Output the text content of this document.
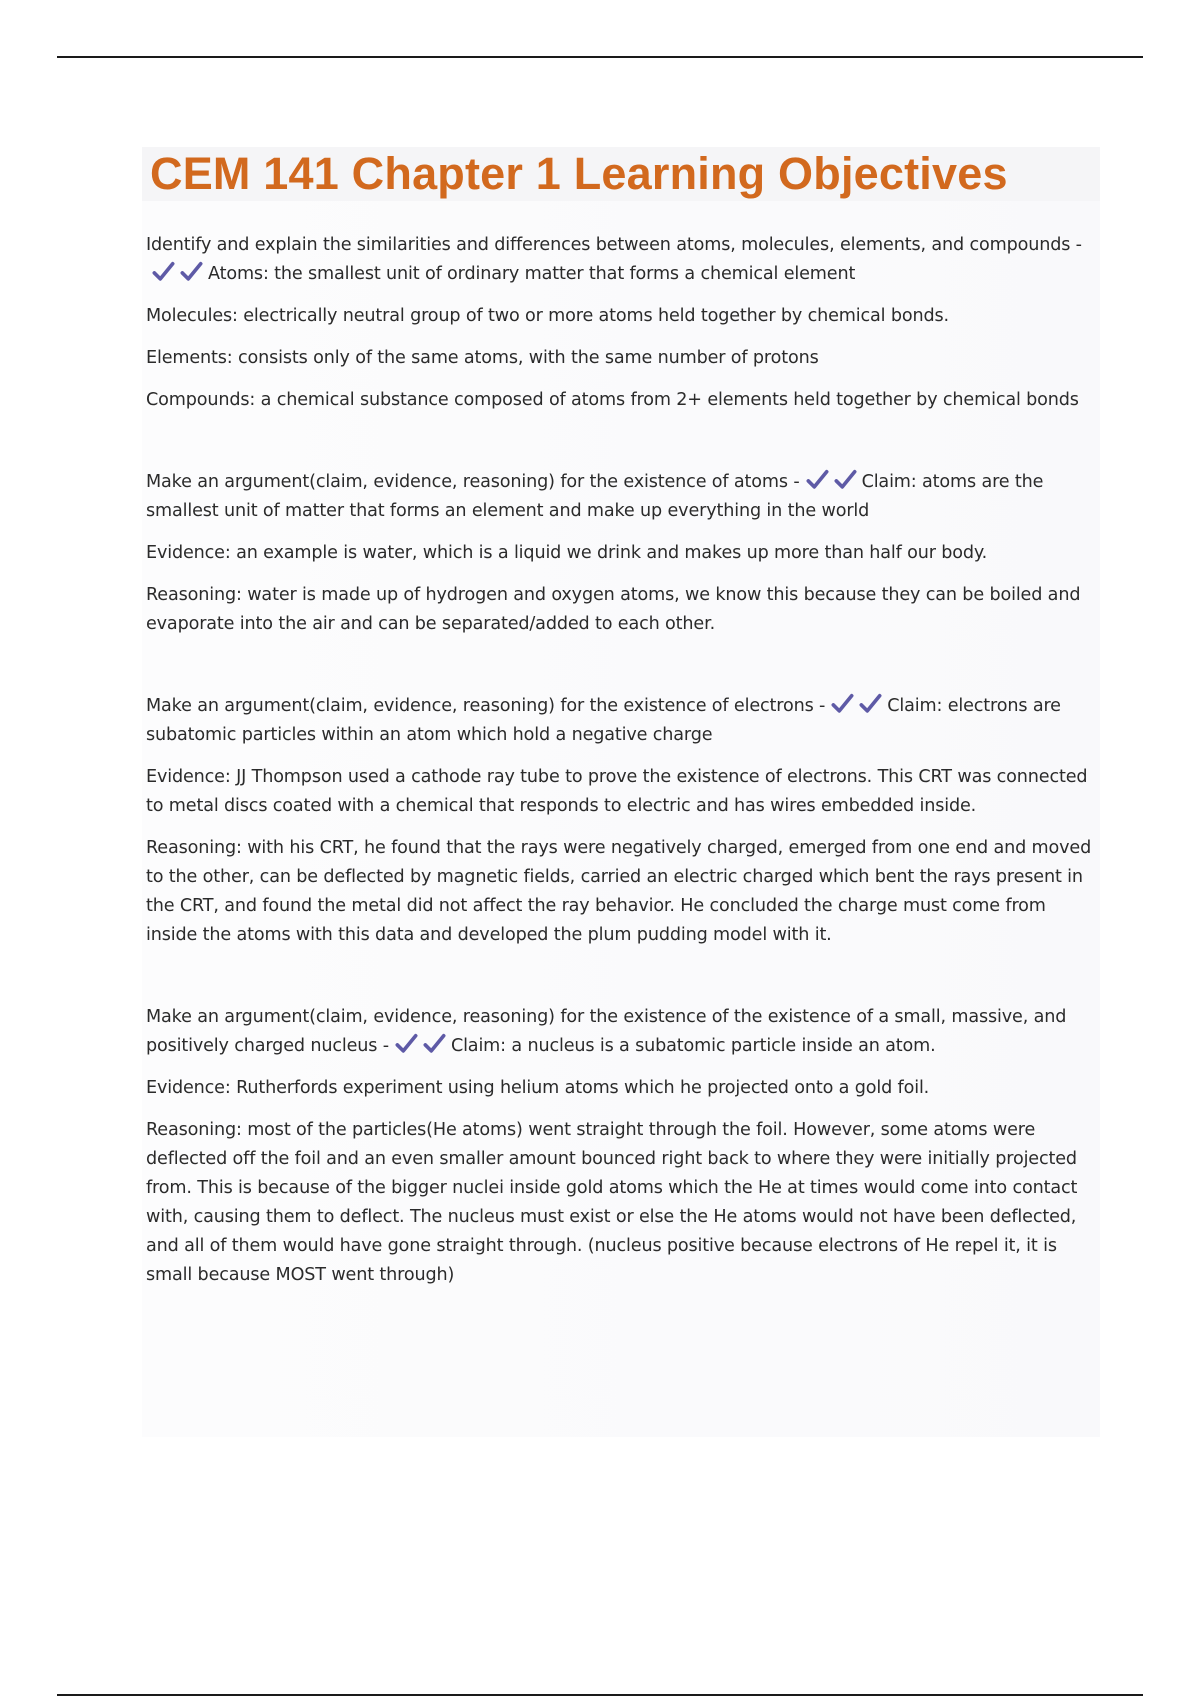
CEM 141 Chapter 1 Learning Objectives

Identify and explain the similarities and differences between atoms, molecules, elements, and compounds -
Atoms: the smallest unit of ordinary matter that forms a chemical element

Molecules: electrically neutral group of two or more atoms held together by chemical bonds.

Elements: consists only of the same atoms, with the same number of protons

Compounds: a chemical substance composed of atoms from 2+ elements held together by chemical bonds

Make an argument(claim, evidence, reasoning) for the existence of atoms -	Claim: atoms are the smallest unit of matter that forms an element and make up everything in the world

Evidence: an example is water, which is a liquid we drink and makes up more than half our body.

Reasoning: water is made up of hydrogen and oxygen atoms, we know this because they can be boiled and evaporate into the air and can be separated/added to each other.

Make an argument(claim, evidence, reasoning) for the existence of electrons -	Claim: electrons are subatomic particles within an atom which hold a negative charge

Evidence: JJ Thompson used a cathode ray tube to prove the existence of electrons. This CRT was connected to metal discs coated with a chemical that responds to electric and has wires embedded inside.

Reasoning: with his CRT, he found that the rays were negatively charged, emerged from one end and moved to the other, can be deflected by magnetic fields, carried an electric charged which bent the rays present in the CRT, and found the metal did not affect the ray behavior. He concluded the charge must come from inside the atoms with this data and developed the plum pudding model with it.

Make an argument(claim, evidence, reasoning) for the existence of the existence of a small, massive, and positively charged nucleus -	Claim: a nucleus is a subatomic particle inside an atom.

Evidence: Rutherfords experiment using helium atoms which he projected onto a gold foil.

Reasoning: most of the particles(He atoms) went straight through the foil. However, some atoms were deflected off the foil and an even smaller amount bounced right back to where they were initially projected from. This is because of the bigger nuclei inside gold atoms which the He at times would come into contact with, causing them to deflect. The nucleus must exist or else the He atoms would not have been deflected, and all of them would have gone straight through. (nucleus positive because electrons of He repel it, it is small because MOST went through)
